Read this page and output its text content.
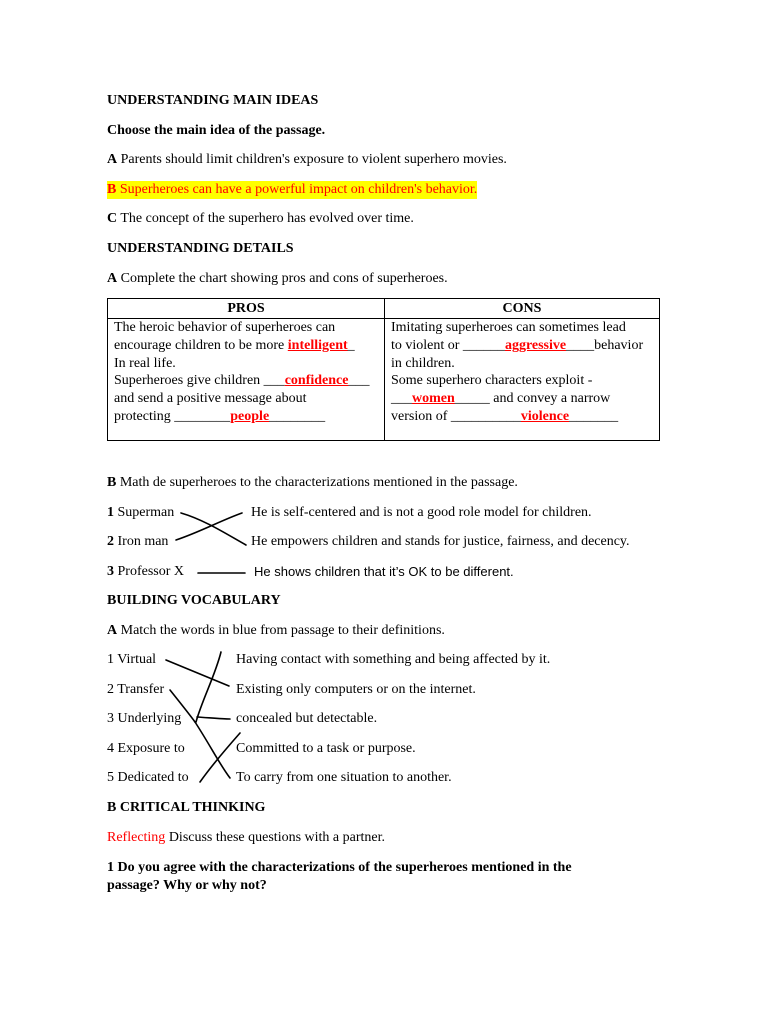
UNDERSTANDING MAIN IDEAS
Choose the main idea of the passage.
A Parents should limit children's exposure to violent superhero movies.
B Superheroes can have a powerful impact on children's behavior.
C The concept of the superhero has evolved over time.
UNDERSTANDING DETAILS
A Complete the chart showing pros and cons of superheroes.
PROS	CONS
The heroic behavior of superheroes can
encourage children to be more intelligent_
In real life.
Superheroes give children ___confidence___
and send a positive message about
protecting ________people________
Imitating superheroes can sometimes lead
to violent or ______aggressive____behavior
in children.
Some superhero characters exploit -
___women_____ and convey a narrow
version of __________violence_______
B Math de superheroes to the characterizations mentioned in the passage.
1 Superman
2 Iron man
3 Professor X
He is self-centered and is not a good role model for children.
He empowers children and stands for justice, fairness, and decency.
He shows children that it’s OK to be different.
BUILDING VOCABULARY
A Match the words in blue from passage to their definitions.
1 Virtual
2 Transfer
3 Underlying
4 Exposure to
5 Dedicated to
Having contact with something and being affected by it.
Existing only computers or on the internet.
concealed but detectable.
Committed to a task or purpose.
To carry from one situation to another.
B CRITICAL THINKING
Reflecting Discuss these questions with a partner.
1 Do you agree with the characterizations of the superheroes mentioned in the
passage? Why or why not?
